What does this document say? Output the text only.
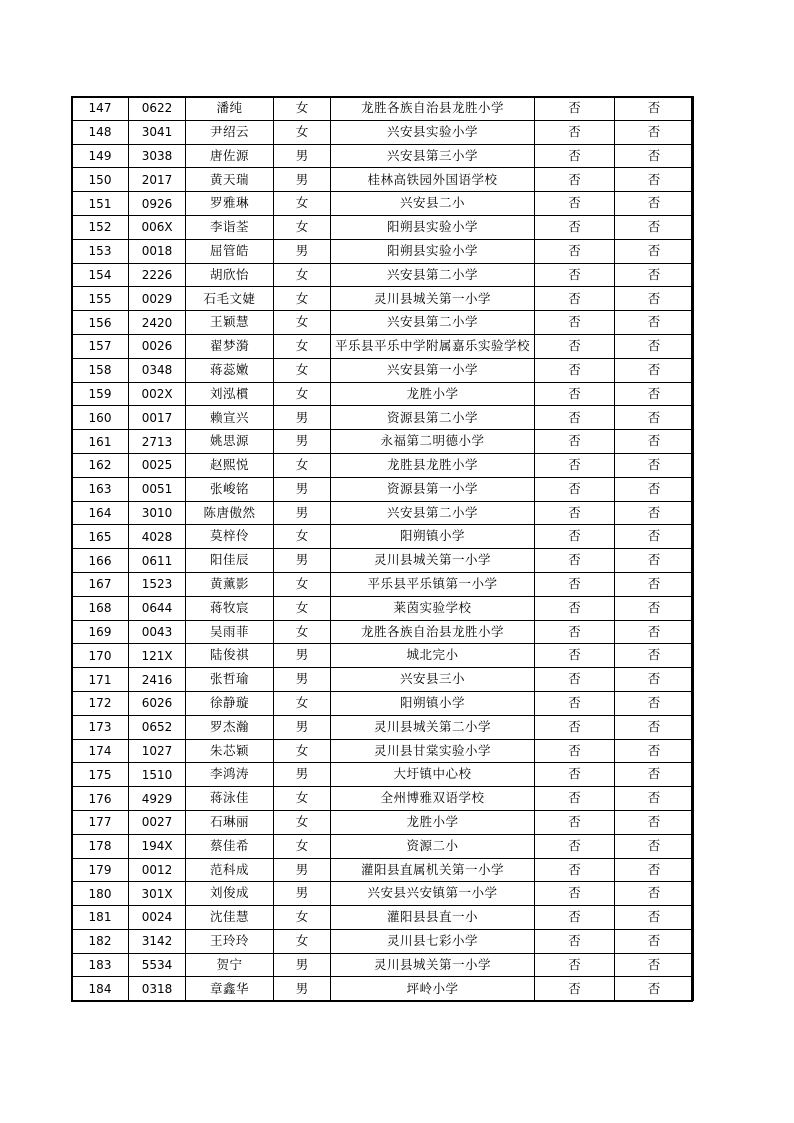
147	0622	潘纯	女	龙胜各族自治县龙胜小学	否	否
148	3041	尹绍云	女	兴安县实验小学	否	否
149	3038	唐佐源	男	兴安县第三小学	否	否
150	2017	黄天瑞	男	桂林高铁园外国语学校	否	否
151	0926	罗雅琳	女	兴安县二小	否	否
152	006X	李诣荃	女	阳朔县实验小学	否	否
153	0018	屈管皓	男	阳朔县实验小学	否	否
154	2226	胡欣怡	女	兴安县第二小学	否	否
155	0029	石毛文婕	女	灵川县城关第一小学	否	否
156	2420	王颖慧	女	兴安县第二小学	否	否
157	0026	翟梦漪	女	平乐县平乐中学附属嘉乐实验学校	否	否
158	0348	蒋蕊嫩	女	兴安县第一小学	否	否
159	002X	刘泓樌	女	龙胜小学	否	否
160	0017	赖宣兴	男	资源县第二小学	否	否
161	2713	姚思源	男	永福第二明德小学	否	否
162	0025	赵熙悦	女	龙胜县龙胜小学	否	否
163	0051	张峻铭	男	资源县第一小学	否	否
164	3010	陈唐傲然	男	兴安县第二小学	否	否
165	4028	莫梓伶	女	阳朔镇小学	否	否
166	0611	阳佳辰	男	灵川县城关第一小学	否	否
167	1523	黄薰影	女	平乐县平乐镇第一小学	否	否
168	0644	蒋牧宸	女	莱茵实验学校	否	否
169	0043	吴雨菲	女	龙胜各族自治县龙胜小学	否	否
170	121X	陆俊祺	男	城北完小	否	否
171	2416	张哲瑜	男	兴安县三小	否	否
172	6026	徐静璇	女	阳朔镇小学	否	否
173	0652	罗杰瀚	男	灵川县城关第二小学	否	否
174	1027	朱芯颖	女	灵川县甘棠实验小学	否	否
175	1510	李鸿涛	男	大圩镇中心校	否	否
176	4929	蒋泳佳	女	全州博雅双语学校	否	否
177	0027	石琳丽	女	龙胜小学	否	否
178	194X	蔡佳希	女	资源二小	否	否
179	0012	范科成	男	灌阳县直属机关第一小学	否	否
180	301X	刘俊成	男	兴安县兴安镇第一小学	否	否
181	0024	沈佳慧	女	灌阳县县直一小	否	否
182	3142	王玲玲	女	灵川县七彩小学	否	否
183	5534	贺宁	男	灵川县城关第一小学	否	否
184	0318	章鑫华	男	坪岭小学	否	否
